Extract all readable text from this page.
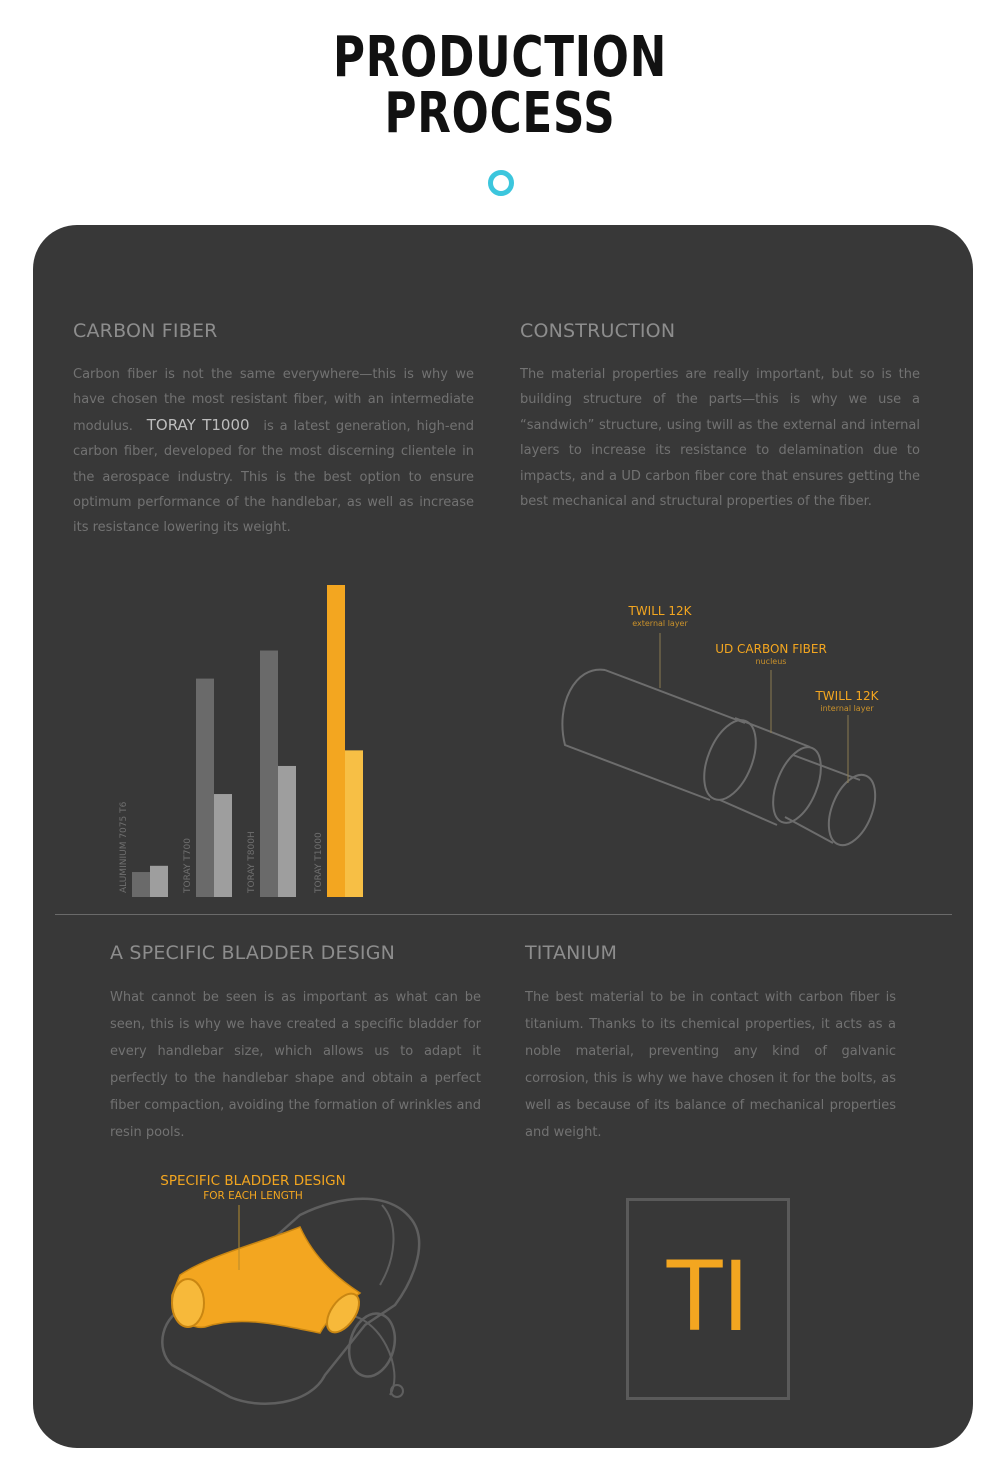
PRODUCTION
PROCESS
CARBON FIBER
Carbon fiber is not the same everywhere—this is why we have chosen the most resistant fiber, with an intermediate modulus. TORAY T1000 is a latest generation, high-end carbon fiber, developed for the most discerning clientele in the aerospace industry. This is the best option to ensure optimum performance of the handlebar, as well as increase its resistance lowering its weight.
CONSTRUCTION
The material properties are really important, but so is the building structure of the parts—this is why we use a “sandwich” structure, using twill as the external and internal layers to increase its resistance to delamination due to impacts, and a UD carbon fiber core that ensures getting the best mechanical and structural properties of the fiber.
ALUMINIUM 7075 T6	TORAY T700	TORAY T800H	TORAY T1000
TWILL 12K
external layer
UD CARBON FIBER
nucleus
TWILL 12K
internal layer
A SPECIFIC BLADDER DESIGN
What cannot be seen is as important as what can be seen, this is why we have created a specific bladder for every handlebar size, which allows us to adapt it perfectly to the handlebar shape and obtain a perfect fiber compaction, avoiding the formation of wrinkles and resin pools.
TITANIUM
The best material to be in contact with carbon fiber is titanium. Thanks to its chemical properties, it acts as a noble material, preventing any kind of galvanic corrosion, this is why we have chosen it for the bolts, as well as because of its balance of mechanical properties and weight.
SPECIFIC BLADDER DESIGN
FOR EACH LENGTH
TI
